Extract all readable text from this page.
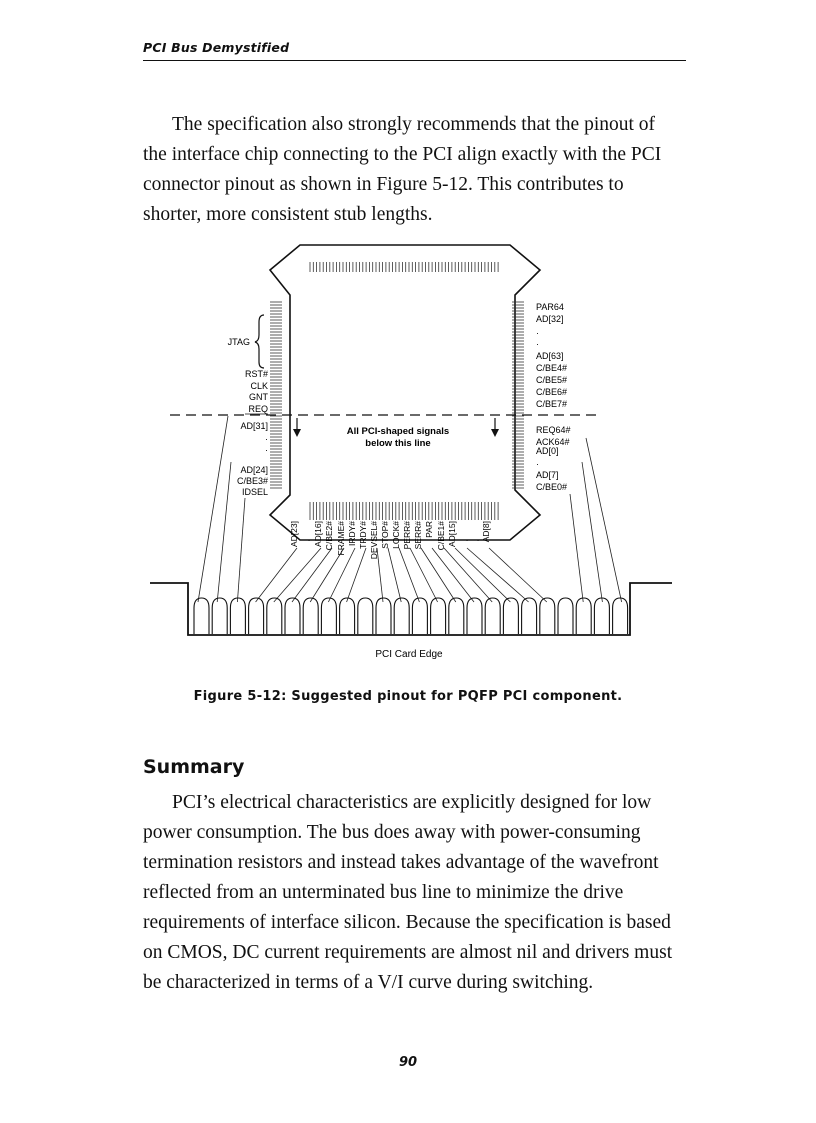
PCI Bus Demystified
The specification also strongly recommends that the pinout of
the interface chip connecting to the PCI align exactly with the PCI
connector pinout as shown in Figure 5-12. This contributes to
shorter, more consistent stub lengths.
All PCI-shaped signals
below this line
JTAG
RST#
CLK
GNT
REQ
AD[31]
·
·
AD[24]
C/BE3#
IDSEL
PAR64
AD[32]
·
·
AD[63]
C/BE4#
C/BE5#
C/BE6#
C/BE7#
REQ64#
ACK64#
AD[0]
·
AD[7]
C/BE0#
AD[23] · AD[16] C/BE2# FRAME# IRDY# TRDY# DEVSEL# STOP# LOCK# PERR# SERR# PAR C/BE1# AD[15] · · AD[8]
PCI Card Edge
Figure 5-12: Suggested pinout for PQFP PCI component.
Summary
PCI’s electrical characteristics are explicitly designed for low
power consumption. The bus does away with power-consuming
termination resistors and instead takes advantage of the wavefront
reflected from an unterminated bus line to minimize the drive
requirements of interface silicon. Because the specification is based
on CMOS, DC current requirements are almost nil and drivers must
be characterized in terms of a V/I curve during switching.
90
